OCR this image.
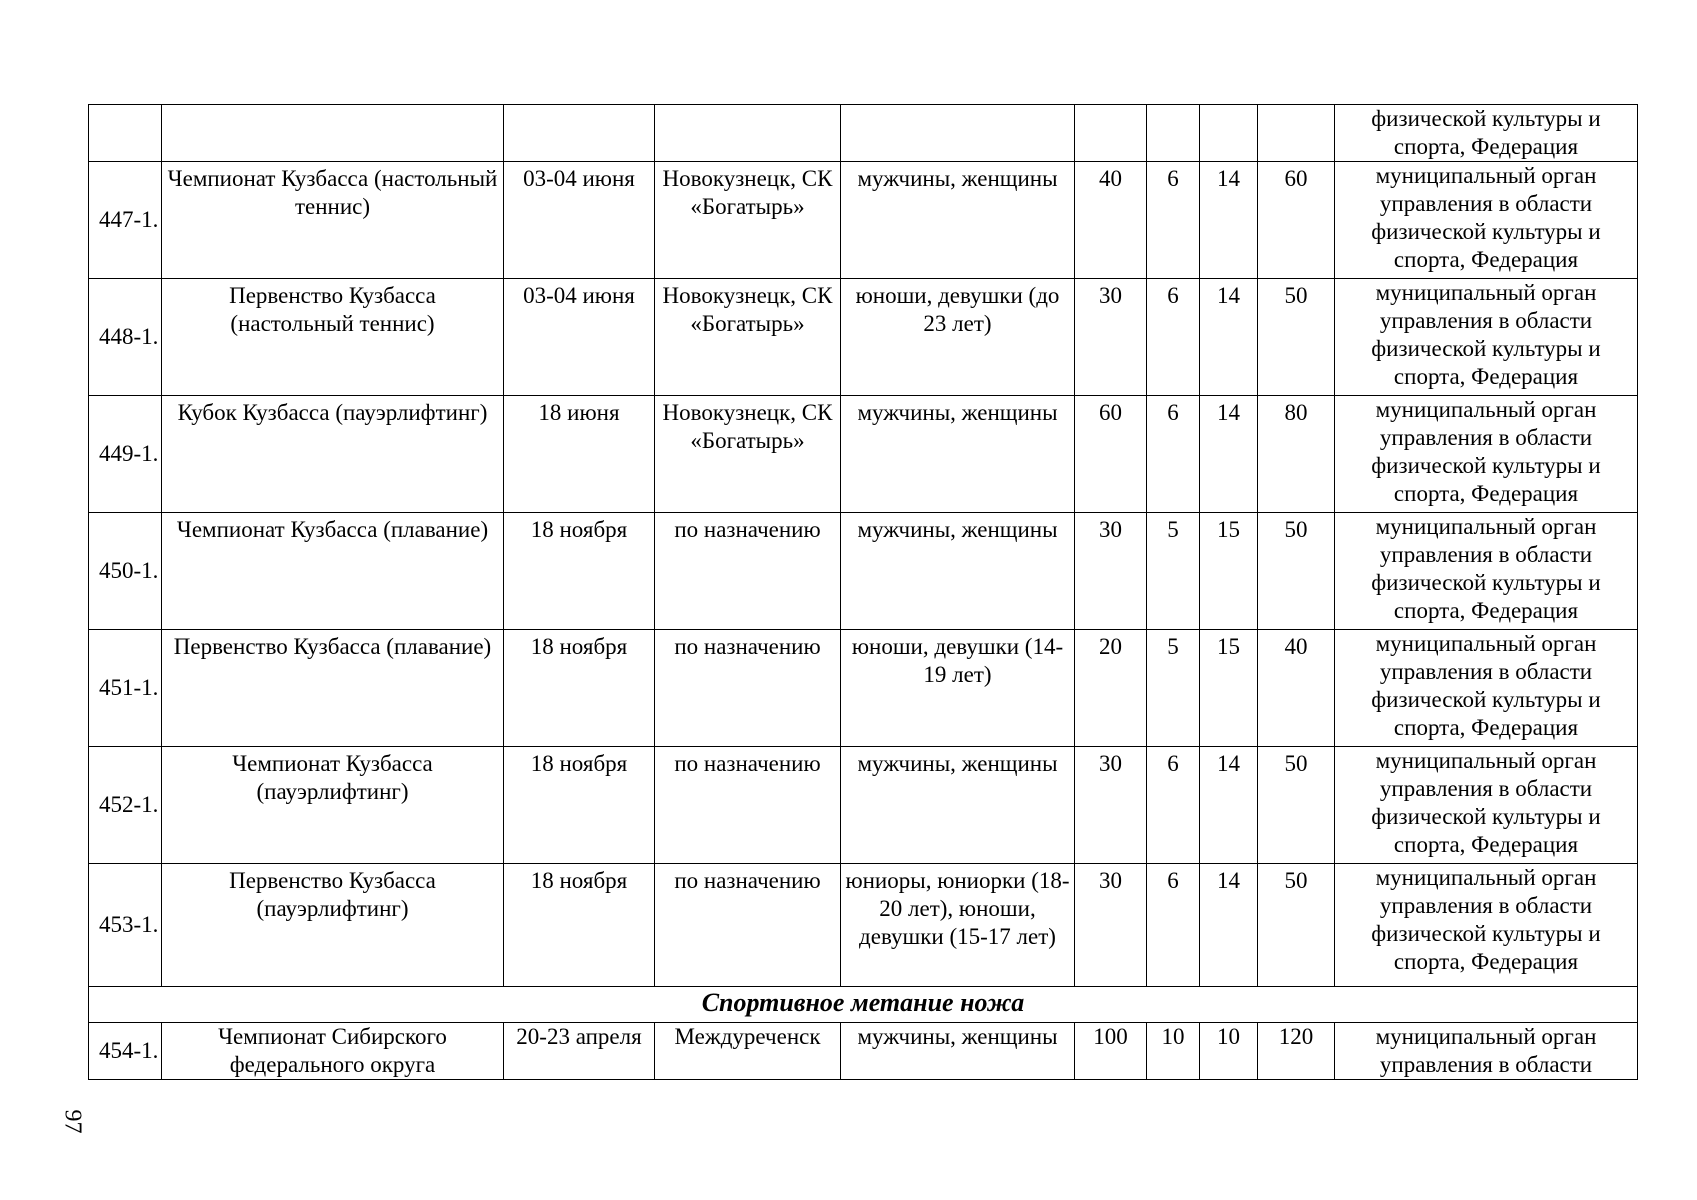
									физической культуры и спорта, Федерация
447-1.	Чемпионат Кузбасса (настольный теннис)	03-04 июня	Новокузнецк, СК «Богатырь»	мужчины, женщины	40	6	14	60	муниципальный орган управления в области физической культуры и спорта, Федерация
448-1.	Первенство Кузбасса (настольный теннис)	03-04 июня	Новокузнецк, СК «Богатырь»	юноши, девушки (до 23 лет)	30	6	14	50	муниципальный орган управления в области физической культуры и спорта, Федерация
449-1.	Кубок Кузбасса (пауэрлифтинг)	18 июня	Новокузнецк, СК «Богатырь»	мужчины, женщины	60	6	14	80	муниципальный орган управления в области физической культуры и спорта, Федерация
450-1.	Чемпионат Кузбасса (плавание)	18 ноября	по назначению	мужчины, женщины	30	5	15	50	муниципальный орган управления в области физической культуры и спорта, Федерация
451-1.	Первенство Кузбасса (плавание)	18 ноября	по назначению	юноши, девушки (14-19 лет)	20	5	15	40	муниципальный орган управления в области физической культуры и спорта, Федерация
452-1.	Чемпионат Кузбасса (пауэрлифтинг)	18 ноября	по назначению	мужчины, женщины	30	6	14	50	муниципальный орган управления в области физической культуры и спорта, Федерация
453-1.	Первенство Кузбасса (пауэрлифтинг)	18 ноября	по назначению	юниоры, юниорки (18-20 лет), юноши, девушки (15-17 лет)	30	6	14	50	муниципальный орган управления в области физической культуры и спорта, Федерация
Спортивное метание ножа									
454-1.	Чемпионат Сибирского федерального округа	20-23 апреля	Междуреченск	мужчины, женщины	100	10	10	120	муниципальный орган управления в области
97
